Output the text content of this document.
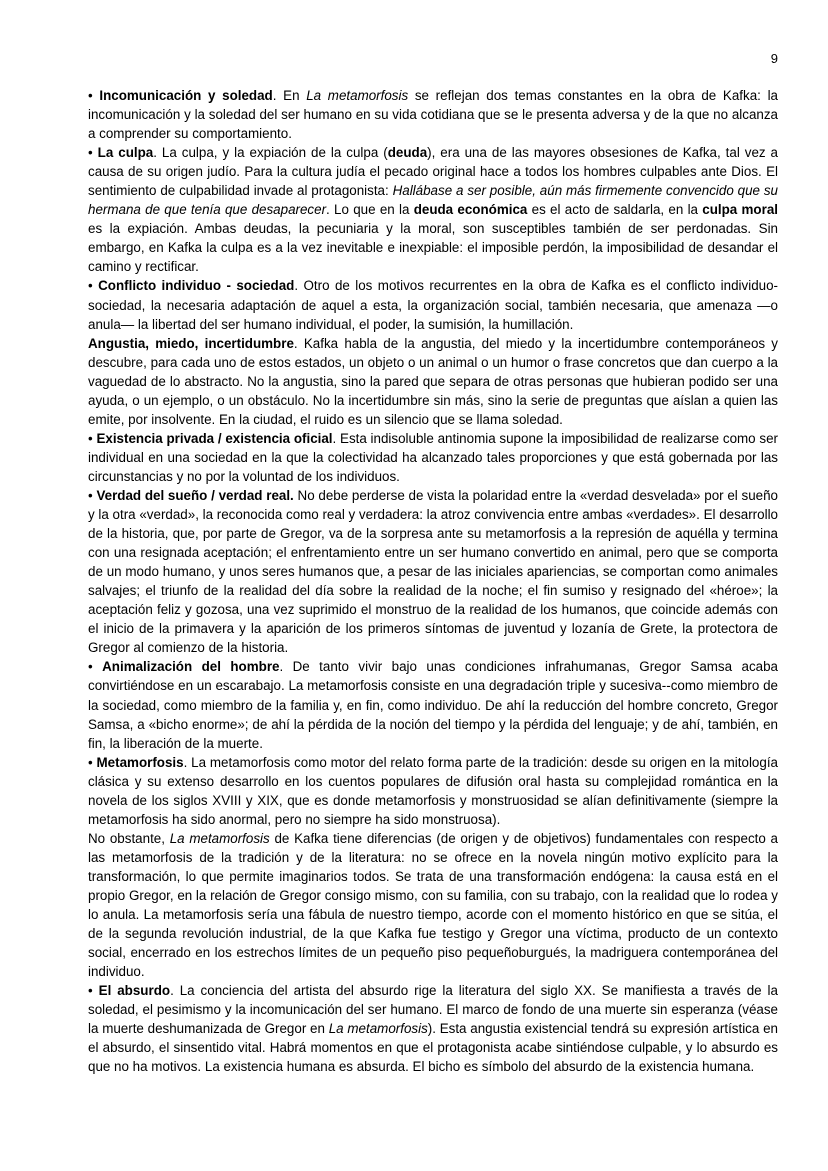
9

• Incomunicación y soledad. En La metamorfosis se reflejan dos temas constantes en la obra de Kafka: la incomunicación y la soledad del ser humano en su vida cotidiana que se le presenta adversa y de la que no alcanza a comprender su comportamiento.

• La culpa. La culpa, y la expiación de la culpa (deuda), era una de las mayores obsesiones de Kafka, tal vez a causa de su origen judío. Para la cultura judía el pecado original hace a todos los hombres culpables ante Dios. El sentimiento de culpabilidad invade al protagonista: Hallábase a ser posible, aún más firmemente convencido que su hermana de que tenía que desaparecer. Lo que en la deuda económica es el acto de saldarla, en la culpa moral es la expiación. Ambas deudas, la pecuniaria y la moral, son susceptibles también de ser perdonadas. Sin embargo, en Kafka la culpa es a la vez inevitable e inexpiable: el imposible perdón, la imposibilidad de desandar el camino y rectificar.

• Conflicto individuo - sociedad. Otro de los motivos recurrentes en la obra de Kafka es el conflicto individuo-sociedad, la necesaria adaptación de aquel a esta, la organización social, también necesaria, que amenaza —o anula— la libertad del ser humano individual, el poder, la sumisión, la humillación.

Angustia, miedo, incertidumbre. Kafka habla de la angustia, del miedo y la incertidumbre contemporáneos y descubre, para cada uno de estos estados, un objeto o un animal o un humor o frase concretos que dan cuerpo a la vaguedad de lo abstracto. No la angustia, sino la pared que separa de otras personas que hubieran podido ser una ayuda, o un ejemplo, o un obstáculo. No la incertidumbre sin más, sino la serie de preguntas que aíslan a quien las emite, por insolvente. En la ciudad, el ruido es un silencio que se llama soledad.

• Existencia privada / existencia oficial. Esta indisoluble antinomia supone la imposibilidad de realizarse como ser individual en una sociedad en la que la colectividad ha alcanzado tales proporciones y que está gobernada por las circunstancias y no por la voluntad de los individuos.

• Verdad del sueño / verdad real. No debe perderse de vista la polaridad entre la «verdad desvelada» por el sueño y la otra «verdad», la reconocida como real y verdadera: la atroz convivencia entre ambas «verdades». El desarrollo de la historia, que, por parte de Gregor, va de la sorpresa ante su metamorfosis a la represión de aquélla y termina con una resignada aceptación; el enfrentamiento entre un ser humano convertido en animal, pero que se comporta de un modo humano, y unos seres humanos que, a pesar de las iniciales apariencias, se comportan como animales salvajes; el triunfo de la realidad del día sobre la realidad de la noche; el fin sumiso y resignado del «héroe»; la aceptación feliz y gozosa, una vez suprimido el monstruo de la realidad de los humanos, que coincide además con el inicio de la primavera y la aparición de los primeros síntomas de juventud y lozanía de Grete, la protectora de Gregor al comienzo de la historia.

• Animalización del hombre. De tanto vivir bajo unas condiciones infrahumanas, Gregor Samsa acaba convirtiéndose en un escarabajo. La metamorfosis consiste en una degradación triple y sucesiva--como miembro de la sociedad, como miembro de la familia y, en fin, como individuo. De ahí la reducción del hombre concreto, Gregor Samsa, a «bicho enorme»; de ahí la pérdida de la noción del tiempo y la pérdida del lenguaje; y de ahí, también, en fin, la liberación de la muerte.

• Metamorfosis. La metamorfosis como motor del relato forma parte de la tradición: desde su origen en la mitología clásica y su extenso desarrollo en los cuentos populares de difusión oral hasta su complejidad romántica en la novela de los siglos XVIII y XIX, que es donde metamorfosis y monstruosidad se alían definitivamente (siempre la metamorfosis ha sido anormal, pero no siempre ha sido monstruosa).

No obstante, La metamorfosis de Kafka tiene diferencias (de origen y de objetivos) fundamentales con respecto a las metamorfosis de la tradición y de la literatura: no se ofrece en la novela ningún motivo explícito para la transformación, lo que permite imaginarios todos. Se trata de una transformación endógena: la causa está en el propio Gregor, en la relación de Gregor consigo mismo, con su familia, con su trabajo, con la realidad que lo rodea y lo anula. La metamorfosis sería una fábula de nuestro tiempo, acorde con el momento histórico en que se sitúa, el de la segunda revolución industrial, de la que Kafka fue testigo y Gregor una víctima, producto de un contexto social, encerrado en los estrechos límites de un pequeño piso pequeñoburgués, la madriguera contemporánea del individuo.

• El absurdo. La conciencia del artista del absurdo rige la literatura del siglo XX. Se manifiesta a través de la soledad, el pesimismo y la incomunicación del ser humano. El marco de fondo de una muerte sin esperanza (véase la muerte deshumanizada de Gregor en La metamorfosis). Esta angustia existencial tendrá su expresión artística en el absurdo, el sinsentido vital. Habrá momentos en que el protagonista acabe sintiéndose culpable, y lo absurdo es que no ha motivos. La existencia humana es absurda. El bicho es símbolo del absurdo de la existencia humana.
